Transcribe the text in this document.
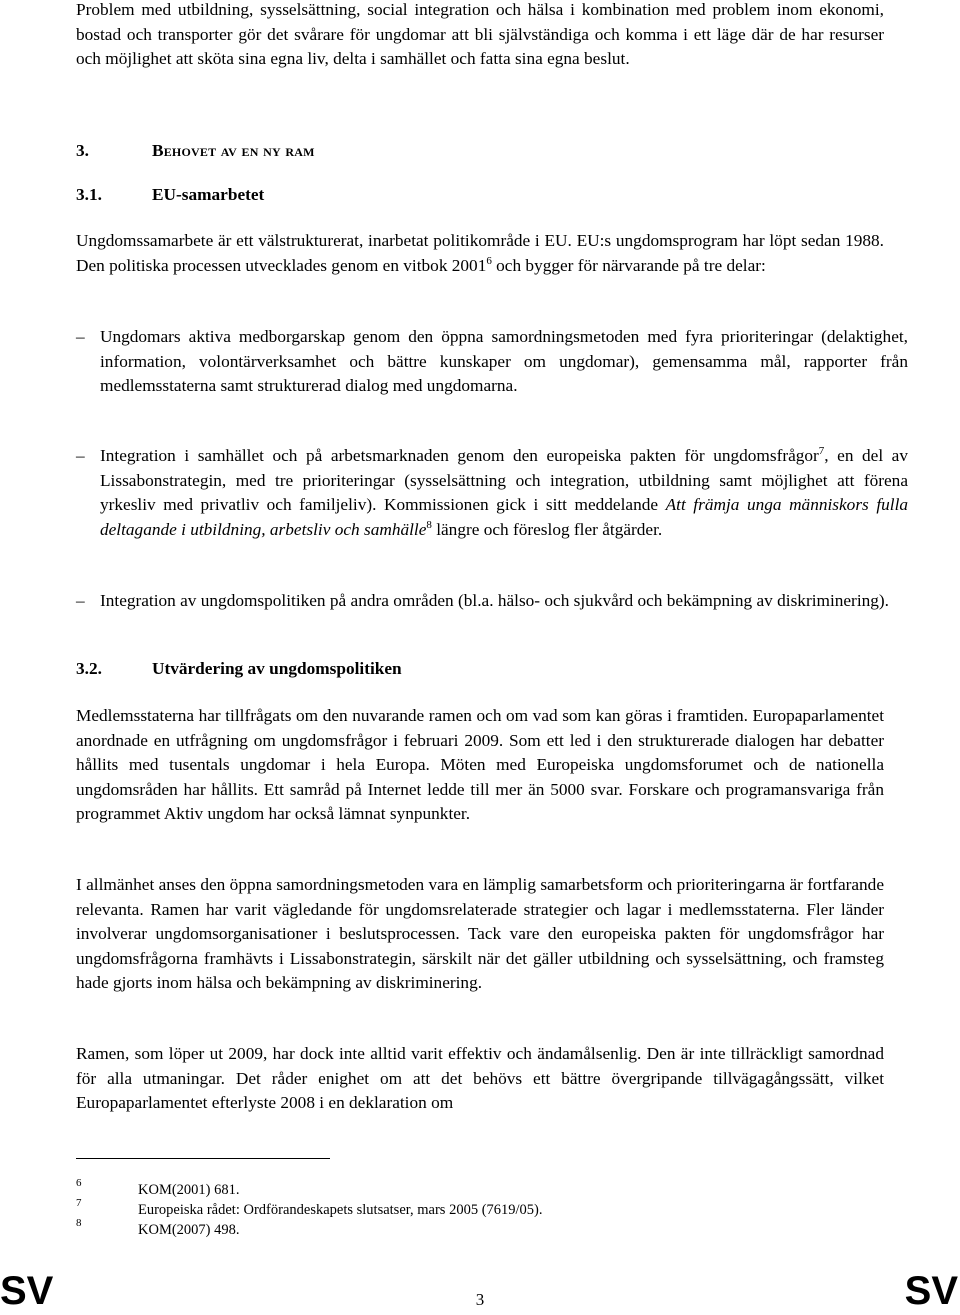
Problem med utbildning, sysselsättning, social integration och hälsa i kombination med problem inom ekonomi, bostad och transporter gör det svårare för ungdomar att bli självständiga och komma i ett läge där de har resurser och möjlighet att sköta sina egna liv, delta i samhället och fatta sina egna beslut.

3.	Behovet av en ny ram
3.1.	EU-samarbetet

Ungdomssamarbete är ett välstrukturerat, inarbetat politikområde i EU. EU:s ungdomsprogram har löpt sedan 1988. Den politiska processen utvecklades genom en vitbok 2001$^6$ och bygger för närvarande på tre delar:

– Ungdomars aktiva medborgarskap genom den öppna samordningsmetoden med fyra prioriteringar (delaktighet, information, volontärverksamhet och bättre kunskaper om ungdomar), gemensamma mål, rapporter från medlemsstaterna samt strukturerad dialog med ungdomarna.

– Integration i samhället och på arbetsmarknaden genom den europeiska pakten för ungdomsfrågor$^7$, en del av Lissabonstrategin, med tre prioriteringar (sysselsättning och integration, utbildning samt möjlighet att förena yrkesliv med privatliv och familjeliv). Kommissionen gick i sitt meddelande Att främja unga människors fulla deltagande i utbildning, arbetsliv och samhälle$^8$ längre och föreslog fler åtgärder.

– Integration av ungdomspolitiken på andra områden (bl.a. hälso- och sjukvård och bekämpning av diskriminering).

3.2.	Utvärdering av ungdomspolitiken

Medlemsstaterna har tillfrågats om den nuvarande ramen och om vad som kan göras i framtiden. Europaparlamentet anordnade en utfrågning om ungdomsfrågor i februari 2009. Som ett led i den strukturerade dialogen har debatter hållits med tusentals ungdomar i hela Europa. Möten med Europeiska ungdomsforumet och de nationella ungdomsråden har hållits. Ett samråd på Internet ledde till mer än 5000 svar. Forskare och programansvariga från programmet Aktiv ungdom har också lämnat synpunkter.

I allmänhet anses den öppna samordningsmetoden vara en lämplig samarbetsform och prioriteringarna är fortfarande relevanta. Ramen har varit vägledande för ungdomsrelaterade strategier och lagar i medlemsstaterna. Fler länder involverar ungdomsorganisationer i beslutsprocessen. Tack vare den europeiska pakten för ungdomsfrågor har ungdomsfrågorna framhävts i Lissabonstrategin, särskilt när det gäller utbildning och sysselsättning, och framsteg hade gjorts inom hälsa och bekämpning av diskriminering.

Ramen, som löper ut 2009, har dock inte alltid varit effektiv och ändamålsenlig. Den är inte tillräckligt samordnad för alla utmaningar. Det råder enighet om att det behövs ett bättre övergripande tillvägagångssätt, vilket Europaparlamentet efterlyste 2008 i en deklaration om

6	KOM(2001) 681.

7	Europeiska rådet: Ordförandeskapets slutsatser, mars 2005 (7619/05).

8	KOM(2007) 498.

SV	3	SV
